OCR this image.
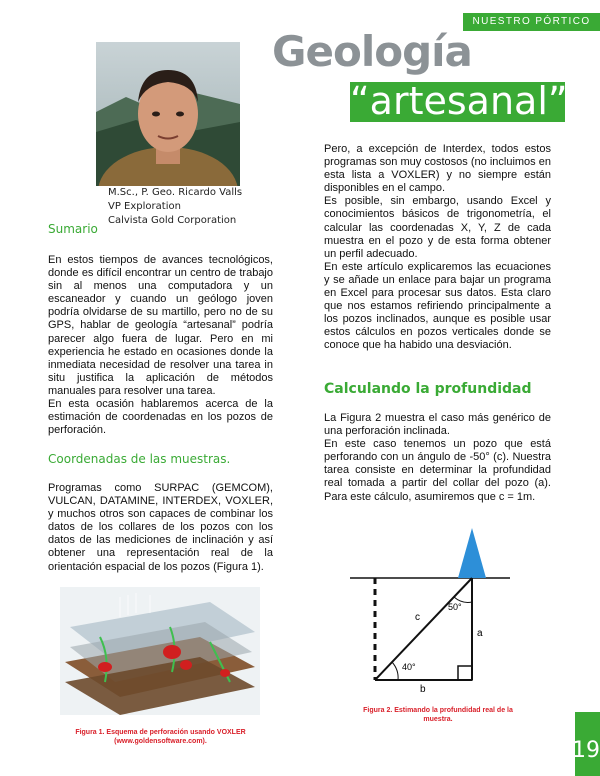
NUESTRO PÓRTICO
Geología
“artesanal”
M.Sc., P. Geo. Ricardo Valls
VP Exploration
Calvista Gold Corporation
Sumario

En estos tiempos de avances tecnológicos, donde es difícil encontrar un centro de trabajo sin al menos una computadora y un escaneador y cuando un geólogo joven podría olvidarse de su martillo, pero no de su GPS, hablar de geología “artesanal” podría parecer algo fuera de lugar. Pero en mi experiencia he estado en ocasiones donde la inmediata necesidad de resolver una tarea in situ justifica la aplicación de métodos manuales para resolver una tarea.

En esta ocasión hablaremos acerca de la estimación de coordenadas en los pozos de perforación.

Coordenadas de las muestras.

Programas como SURPAC (GEMCOM), VULCAN, DATAMINE, INTERDEX, VOXLER, y muchos otros son capaces de combinar los datos de los collares de los pozos con los datos de las mediciones de inclinación y así obtener una representación real de la orientación espacial de los pozos (Figura 1).

Figura 1. Esquema de perforación usando VOXLER
(www.goldensoftware.com).

Pero, a excepción de Interdex, todos estos programas son muy costosos (no incluimos en esta lista a VOXLER) y no siempre están disponibles en el campo.

Es posible, sin embargo, usando Excel y conocimientos básicos de trigonometría, el calcular las coordenadas X, Y, Z de cada muestra en el pozo y de esta forma obtener un perfil adecuado.

En este artículo explicaremos las ecuaciones y se añade un enlace para bajar un programa en Excel para procesar sus datos. Esta claro que nos estamos refiriendo principalmente a los pozos inclinados, aunque es posible usar estos cálculos en pozos verticales donde se conoce que ha habido una desviación.

Calculando la profundidad

La Figura 2 muestra el caso más genérico de una perforación inclinada.

En este caso tenemos un pozo que está perforando con un ángulo de -50° (c). Nuestra tarea consiste en determinar la profundidad real tomada a partir del collar del pozo (a). Para este cálculo, asumiremos que c = 1m.

c
a
b
50°
40°
Figura 2. Estimando la profundidad real de la
muestra.
19
